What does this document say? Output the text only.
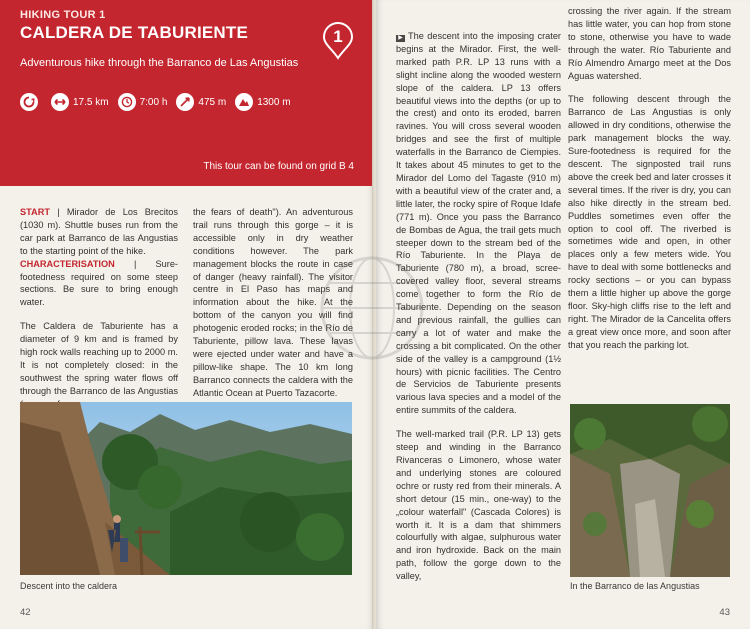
HIKING TOUR 1
CALDERA DE TABURIENTE	1
Adventurous hike through the Barranco de Las Angustias
17.5 km	7:00 h	475 m	1300 m
This tour can be found on grid B 4

START | Mirador de Los Brecitos (1030 m). Shuttle buses run from the car park at Barranco de las Angustias to the starting point of the hike.

CHARACTERISATION | Sure-footedness required on some steep sections. Be sure to bring enough water.

The Caldera de Taburiente has a diameter of 9 km and is framed by high rock walls reaching up to 2000 m. It is not completely closed: in the southwest the spring water flows off through the Barranco de las Angustias

the fears of death"). An adventurous trail runs through this gorge – it is accessible only in dry weather conditions however. The park management blocks the route in case of danger (heavy rainfall). The visitor centre in El Paso has maps and information about the hike. At the bottom of the canyon you will find photogenic eroded rocks; in the Río de Taburiente, pillow lava. These lavas were ejected under water and have a pillow-like shape. The 10 km long Barranco connects the caldera with the Atlantic Ocean at Puerto Tazacorte.

Descent into the caldera
42

▶ The descent into the imposing crater begins at the Mirador. First, the well-marked path P.R. LP 13 runs with a slight incline along the wooded western slope of the caldera. LP 13 offers beautiful views into the depths (or up to the crest) and onto its eroded, barren ravines. You will cross several wooden bridges and see the first of multiple waterfalls in the Barranco de Ciempies. It takes about 45 minutes to get to the Mirador del Lomo del Tagaste (910 m) with a beautiful view of the crater and, a little later, the rocky spire of Roque Idafe (771 m). Once you pass the Barranco de Bombas de Agua, the trail gets much steeper down to the stream bed of the Río Taburiente. In the Playa de Taburiente (780 m), a broad, scree-covered valley floor, several streams come together to form the Río de Taburiente. Depending on the season and previous rainfall, the gullies can carry a lot of water and make the crossing a bit complicated. On the other side of the valley is a campground (1½ hours) with picnic facilities. The Centro de Servicios de Taburiente presents various lava species and a model of the entire summits of the caldera.

The well-marked trail (P.R. LP 13) gets steep and winding in the Barranco Rivanceras o Limonero, whose water and underlying stones are coloured ochre or rusty red from their minerals. A short detour (15 min., one-way) to the „colour waterfall" (Cascada Colores) is worth it. It is a dam that shimmers colourfully with algae, sulphurous water and iron hydroxide. Back on the main path, follow the gorge down to the valley,

crossing the river again. If the stream has little water, you can hop from stone to stone, otherwise you have to wade through the water. Río Taburiente and Río Almendro Amargo meet at the Dos Aguas watershed.

The following descent through the Barranco de Las Angustias is only allowed in dry conditions, otherwise the park management blocks the way. Sure-footedness is required for the descent. The signposted trail runs above the creek bed and later crosses it several times. If the river is dry, you can also hike directly in the stream bed. Puddles sometimes even offer the option to cool off. The riverbed is sometimes wide and open, in other places only a few meters wide. You have to deal with some bottlenecks and rocky sections – or you can bypass them a little higher up above the gorge floor. Sky-high cliffs rise to the left and right. The Mirador de la Cancelita offers a great view once more, and soon after that you reach the parking lot.

In the Barranco de las Angustias
43
